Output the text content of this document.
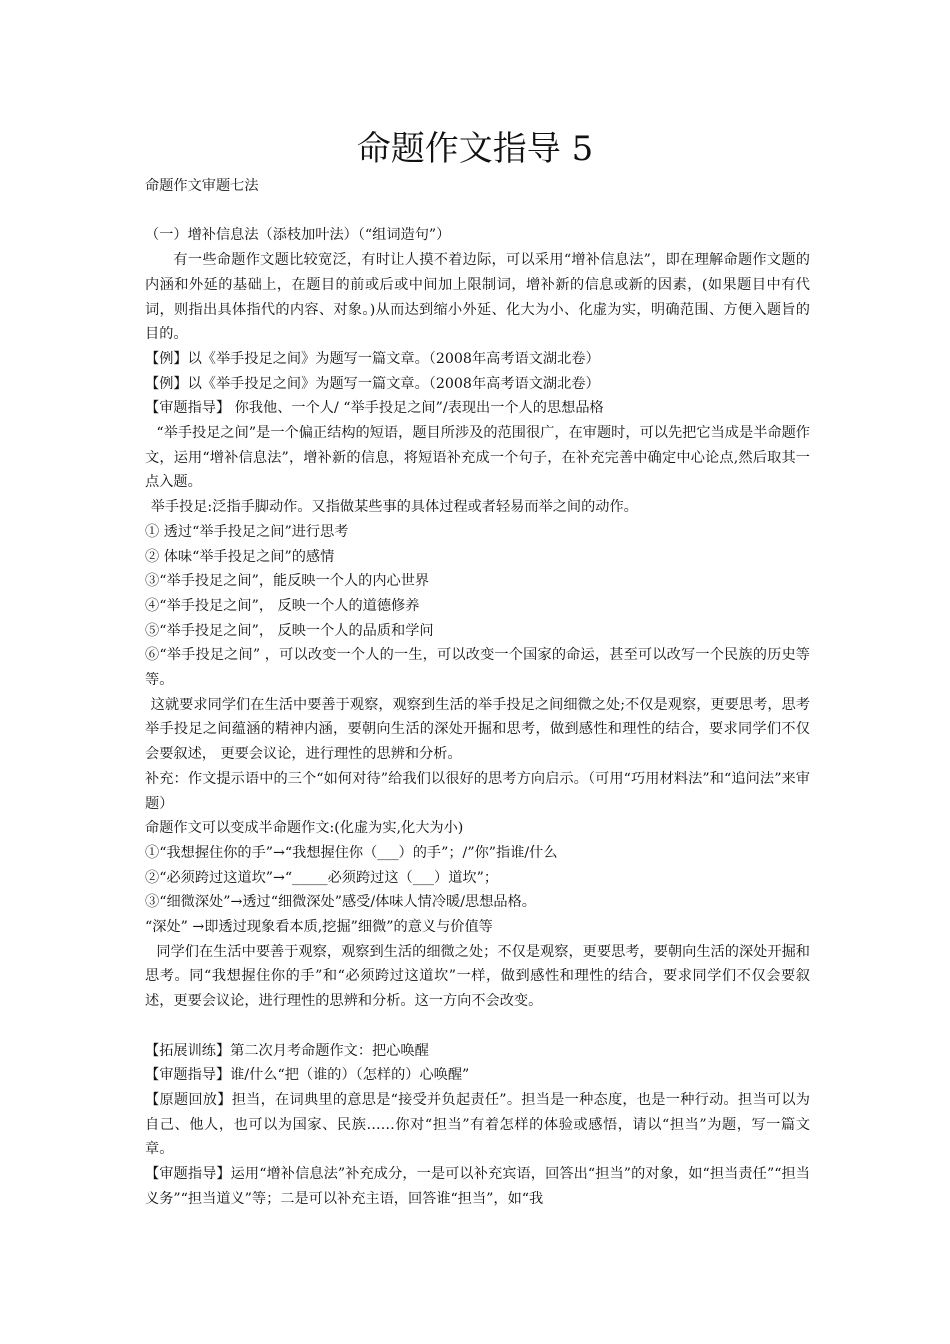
命题作文指导 5

命题作文审题七法

（一）增补信息法（添枝加叶法）（“组词造句”）

有一些命题作文题比较宽泛，有时让人摸不着边际，可以采用“增补信息法”，即在理解命题作文题的内涵和外延的基础上，在题目的前或后或中间加上限制词，增补新的信息或新的因素，(如果题目中有代词，则指出具体指代的内容、对象。)从而达到缩小外延、化大为小、化虚为实，明确范围、方便入题旨的目的。

【例】以《举手投足之间》为题写一篇文章。（2008年高考语文湖北卷）

【例】以《举手投足之间》为题写一篇文章。（2008年高考语文湖北卷）

【审题指导】 你我他、一个人/ “举手投足之间”/表现出一个人的思想品格

“举手投足之间”是一个偏正结构的短语，题目所涉及的范围很广，在审题时，可以先把它当成是半命题作文，运用“增补信息法”，增补新的信息，将短语补充成一个句子，在补充完善中确定中心论点,然后取其一点入题。

举手投足:泛指手脚动作。又指做某些事的具体过程或者轻易而举之间的动作。

① 透过“举手投足之间”进行思考

② 体味“举手投足之间”的感情

③“举手投足之间”，能反映一个人的内心世界

④“举手投足之间”， 反映一个人的道德修养

⑤“举手投足之间”， 反映一个人的品质和学问

⑥“举手投足之间” ，可以改变一个人的一生，可以改变一个国家的命运，甚至可以改写一个民族的历史等等。

这就要求同学们在生活中要善于观察，观察到生活的举手投足之间细微之处;不仅是观察，更要思考，思考举手投足之间蕴涵的精神内涵，要朝向生活的深处开掘和思考，做到感性和理性的结合，要求同学们不仅会要叙述， 更要会议论，进行理性的思辨和分析。

补充：作文提示语中的三个“如何对待”给我们以很好的思考方向启示。（可用“巧用材料法”和“追问法”来审题）

命题作文可以变成半命题作文:(化虚为实,化大为小)

①“我想握住你的手”→“我想握住你（___）的手”；/”你”指谁/什么

②“必须跨过这道坎”→“_____必须跨过这（___）道坎”；

③“细微深处”→透过“细微深处”感受/体味人情冷暖/思想品格。

“深处” →即透过现象看本质,挖掘”细微”的意义与价值等

同学们在生活中要善于观察，观察到生活的细微之处；不仅是观察，更要思考，要朝向生活的深处开掘和思考。同“我想握住你的手”和“必须跨过这道坎”一样，做到感性和理性的结合，要求同学们不仅会要叙述，更要会议论，进行理性的思辨和分析。这一方向不会改变。

【拓展训练】第二次月考命题作文：把心唤醒

【审题指导】谁/什么“把（谁的）（怎样的）心唤醒”

【原题回放】担当，在词典里的意思是“接受并负起责任”。担当是一种态度，也是一种行动。担当可以为自己、他人，也可以为国家、民族……你对“担当”有着怎样的体验或感悟，请以“担当”为题，写一篇文章。

【审题指导】运用“增补信息法”补充成分，一是可以补充宾语，回答出“担当”的对象，如“担当责任”“担当义务”“担当道义”等；二是可以补充主语，回答谁“担当”，如“我
